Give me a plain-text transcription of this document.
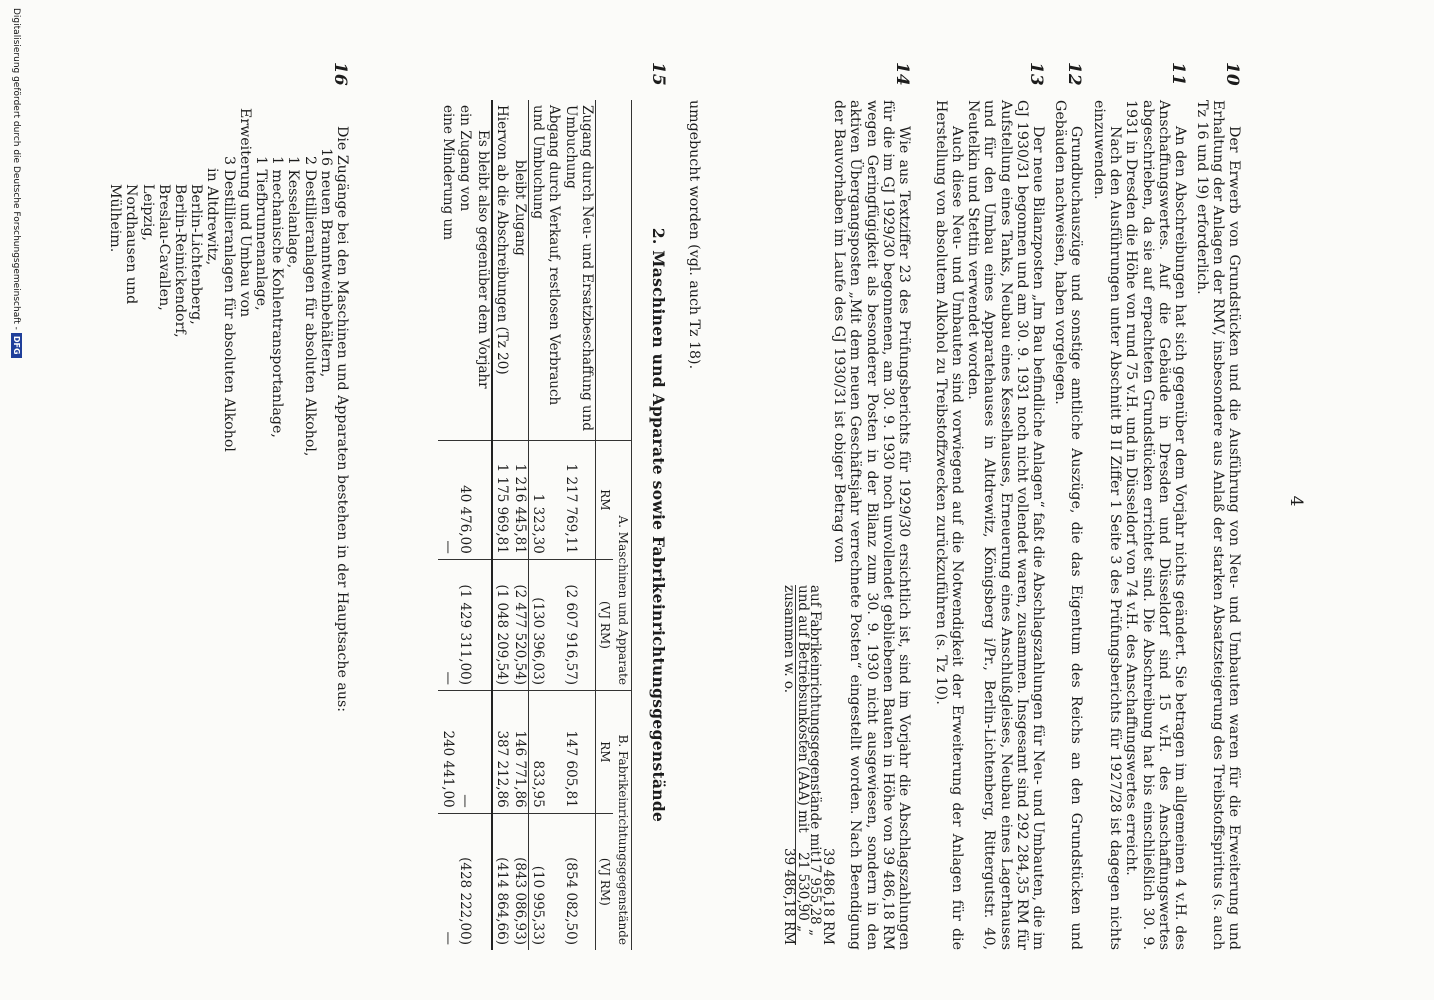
4
10

Der Erwerb von Grundstücken und die Ausführung von Neu- und Umbauten waren für die Erweiterung und Erhaltung der Anlagen der RMV, insbesondere aus Anlaß der starken Absatzsteigerung des Treibstoffspiritus (s. auch Tz 16 und 19) erforderlich.

11

An den Abschreibungen hat sich gegenüber dem Vorjahr nichts geändert. Sie betragen im allgemeinen 4 v.H. des Anschaffungswertes. Auf die Gebäude in Dresden und Düsseldorf sind 15 v.H. des Anschaffungswertes abgeschrieben, da sie auf erpachteten Grundstücken errichtet sind. Die Abschreibung hat bis einschließlich 30. 9. 1931 in Dresden die Höhe von rund 75 v.H. und in Düsseldorf von 74 v.H. des Anschaffungswertes erreicht.

Nach den Ausführungen unter Abschnitt B II Ziffer 1 Seite 3 des Prüfungsberichts für 1927/28 ist dagegen nichts einzuwenden.

12

Grundbuchauszüge und sonstige amtliche Auszüge, die das Eigentum des Reichs an den Grundstücken und Gebäuden nachweisen, haben vorgelegen.

13

Der neue Bilanzposten „Im Bau befindliche Anlagen“ faßt die Abschlagszahlungen für Neu- und Umbauten, die im GJ 1930/31 begonnen und am 30. 9. 1931 noch nicht vollendet waren, zusammen. Insgesamt sind 292 284,35 RM für Aufstellung eines Tanks, Neubau eines Kesselhauses, Erneuerung eines Anschlußgleises, Neubau eines Lagerhauses und für den Umbau eines Apparatehauses in Altdrewitz, Königsberg i/Pr., Berlin-Lichtenberg, Rittergutstr. 40, Neutelkin und Stettin verwendet worden.

Auch diese Neu- und Umbauten sind vorwiegend auf die Notwendigkeit der Erweiterung der Anlagen für die Herstellung von absolutem Alkohol zu Treibstoffzwecken zurückzuführen (s. Tz 10).

14

Wie aus Textziffer 23 des Prüfungsberichts für 1929/30 ersichtlich ist, sind im Vorjahr die Abschlagszahlungen für die im GJ 1929/30 begonnenen, am 30. 9. 1930 noch unvollendet gebliebenen Bauten in Höhe von 39 486,18 RM wegen Geringfügigkeit als besonderer Posten in der Bilanz zum 30. 9. 1930 nicht ausgewiesen, sondern in den aktiven Übergangsposten „Mit dem neuen Geschäftsjahr verrechnete Posten“ eingestellt worden. Nach Beendigung der Bauvorhaben im Laufe des GJ 1930/31 ist obiger Betrag von

39 486,18 RM
auf Fabrikeinrichtungsgegenstände mit
17 955,28 „
und auf Betriebsunkosten (AAA) mit
21 530,90 „
zusammen w. o.
39 486,18 RM

umgebucht worden (vgl. auch Tz 18).

15
2. Maschinen und Apparate sowie Fabrikeinrichtungsgegenstände
	A. Maschinen und Apparate		B. Fabrikeinrichtungsgegenstände	
	RM	(VJ RM)	RM	(VJ RM)
Zugang durch Neu- und Ersatzbeschaffung und Umbuchung	1 217 769,11	(2 607 916,57)	147 605,81	(854 082,50)
Abgang durch Verkauf, restlosen Verbrauch und Umbuchung	1 323,30	(130 396,03)	833,95	(10 995,33)
bleibt Zugang	1 216 445,81	(2 477 520,54)	146 771,86	(843 086,93)
Hiervon ab die Abschreibungen (Tz 20)	1 175 969,81	(1 048 209,54)	387 212,86	(414 864,66)
Es bleibt also gegenüber dem Vorjahr				
ein Zugang von	40 476,00	(1 429 311,00)	—	(428 222,00)
eine Minderung um	—	—	240 441,00	—
16
Die Zugänge bei den Maschinen und Apparaten bestehen in der Hauptsache aus:
16 neuen Branntweinbehältern,
2 Destillieranlagen für absoluten Alkohol,
1 Kesselanlage,
1 mechanische Kohlentransportanlage,
1 Tiefbrunnenanlage,
Erweiterung und Umbau von
3 Destillieranlagen für absoluten Alkohol
in Altdrewitz,
Berlin-Lichtenberg,
Berlin-Reinickendorf,
Breslau-Cavallen,
Leipzig,
Nordhausen und
Mülheim.
Digitalisierung gefördert durch die Deutsche Forschungsgemeinschaft -
DFG
